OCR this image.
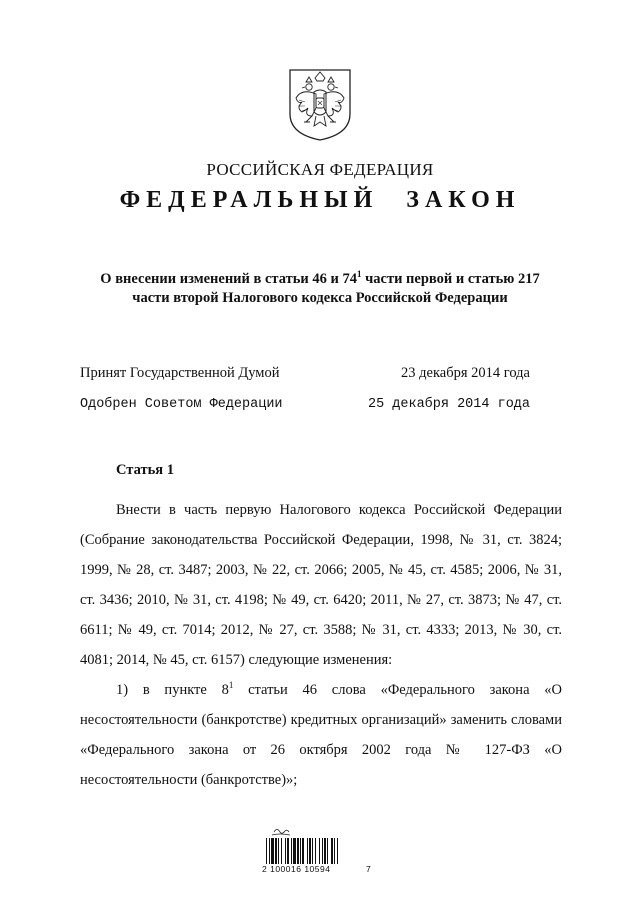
РОССИЙСКАЯ ФЕДЕРАЦИЯ
ФЕДЕРАЛЬНЫЙ ЗАКОН
О внесении изменений в статьи 46 и $74^1$ части первой и статью 217
части второй Налогового кодекса Российской Федерации
Принят Государственной Думой	23 декабря 2014 года
Одобрен Советом Федерации	25 декабря 2014 года
Статья 1

Внести в часть первую Налогового кодекса Российской Федерации (Собрание законодательства Российской Федерации, 1998, № 31, ст. 3824; 1999, № 28, ст. 3487; 2003, № 22, ст. 2066; 2005, № 45, ст. 4585; 2006, № 31, ст. 3436; 2010, № 31, ст. 4198; № 49, ст. 6420; 2011, № 27, ст. 3873; № 47, ст. 6611; № 49, ст. 7014; 2012, № 27, ст. 3588; № 31, ст. 4333; 2013, № 30, ст. 4081; 2014, № 45, ст. 6157) следующие изменения:

1) в пункте $8^1$ статьи 46 слова «Федерального закона «О несостоятельности (банкротстве) кредитных организаций» заменить словами «Федерального закона от 26 октября 2002 года № 127-ФЗ «О несостоятельности (банкротстве)»;

2 100016 10594	7
